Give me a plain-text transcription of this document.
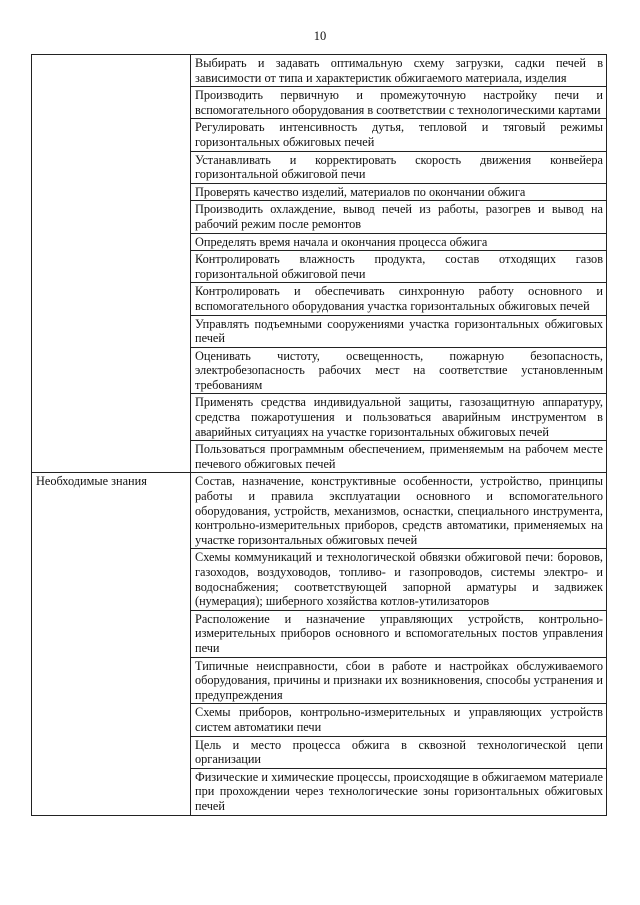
10
	Выбирать и задавать оптимальную схему загрузки, садки печей в зависимости от типа и характеристик обжигаемого материала, изделия
	Производить первичную и промежуточную настройку печи и вспомогательного оборудования в соответствии с технологическими картами
	Регулировать интенсивность дутья, тепловой и тяговый режимы горизонтальных обжиговых печей
	Устанавливать и корректировать скорость движения конвейера горизонтальной обжиговой печи
	Проверять качество изделий, материалов по окончании обжига
	Производить охлаждение, вывод печей из работы, разогрев и вывод на рабочий режим после ремонтов
	Определять время начала и окончания процесса обжига
	Контролировать влажность продукта, состав отходящих газов горизонтальной обжиговой печи
	Контролировать и обеспечивать синхронную работу основного и вспомогательного оборудования участка горизонтальных обжиговых печей
	Управлять подъемными сооружениями участка горизонтальных обжиговых печей
	Оценивать чистоту, освещенность, пожарную безопасность, электробезопасность рабочих мест на соответствие установленным требованиям
	Применять средства индивидуальной защиты, газозащитную аппаратуру, средства пожаротушения и пользоваться аварийным инструментом в аварийных ситуациях на участке горизонтальных обжиговых печей
	Пользоваться программным обеспечением, применяемым на рабочем месте печевого обжиговых печей
Необходимые знания	Состав, назначение, конструктивные особенности, устройство, принципы работы и правила эксплуатации основного и вспомогательного оборудования, устройств, механизмов, оснастки, специального инструмента, контрольно-измерительных приборов, средств автоматики, применяемых на участке горизонтальных обжиговых печей
	Схемы коммуникаций и технологической обвязки обжиговой печи: боровов, газоходов, воздуховодов, топливо- и газопроводов, системы электро- и водоснабжения; соответствующей запорной арматуры и задвижек (нумерация); шиберного хозяйства котлов-утилизаторов
	Расположение и назначение управляющих устройств, контрольно-измерительных приборов основного и вспомогательных постов управления печи
	Типичные неисправности, сбои в работе и настройках обслуживаемого оборудования, причины и признаки их возникновения, способы устранения и предупреждения
	Схемы приборов, контрольно-измерительных и управляющих устройств систем автоматики печи
	Цель и место процесса обжига в сквозной технологической цепи организации
	Физические и химические процессы, происходящие в обжигаемом материале при прохождении через технологические зоны горизонтальных обжиговых печей
